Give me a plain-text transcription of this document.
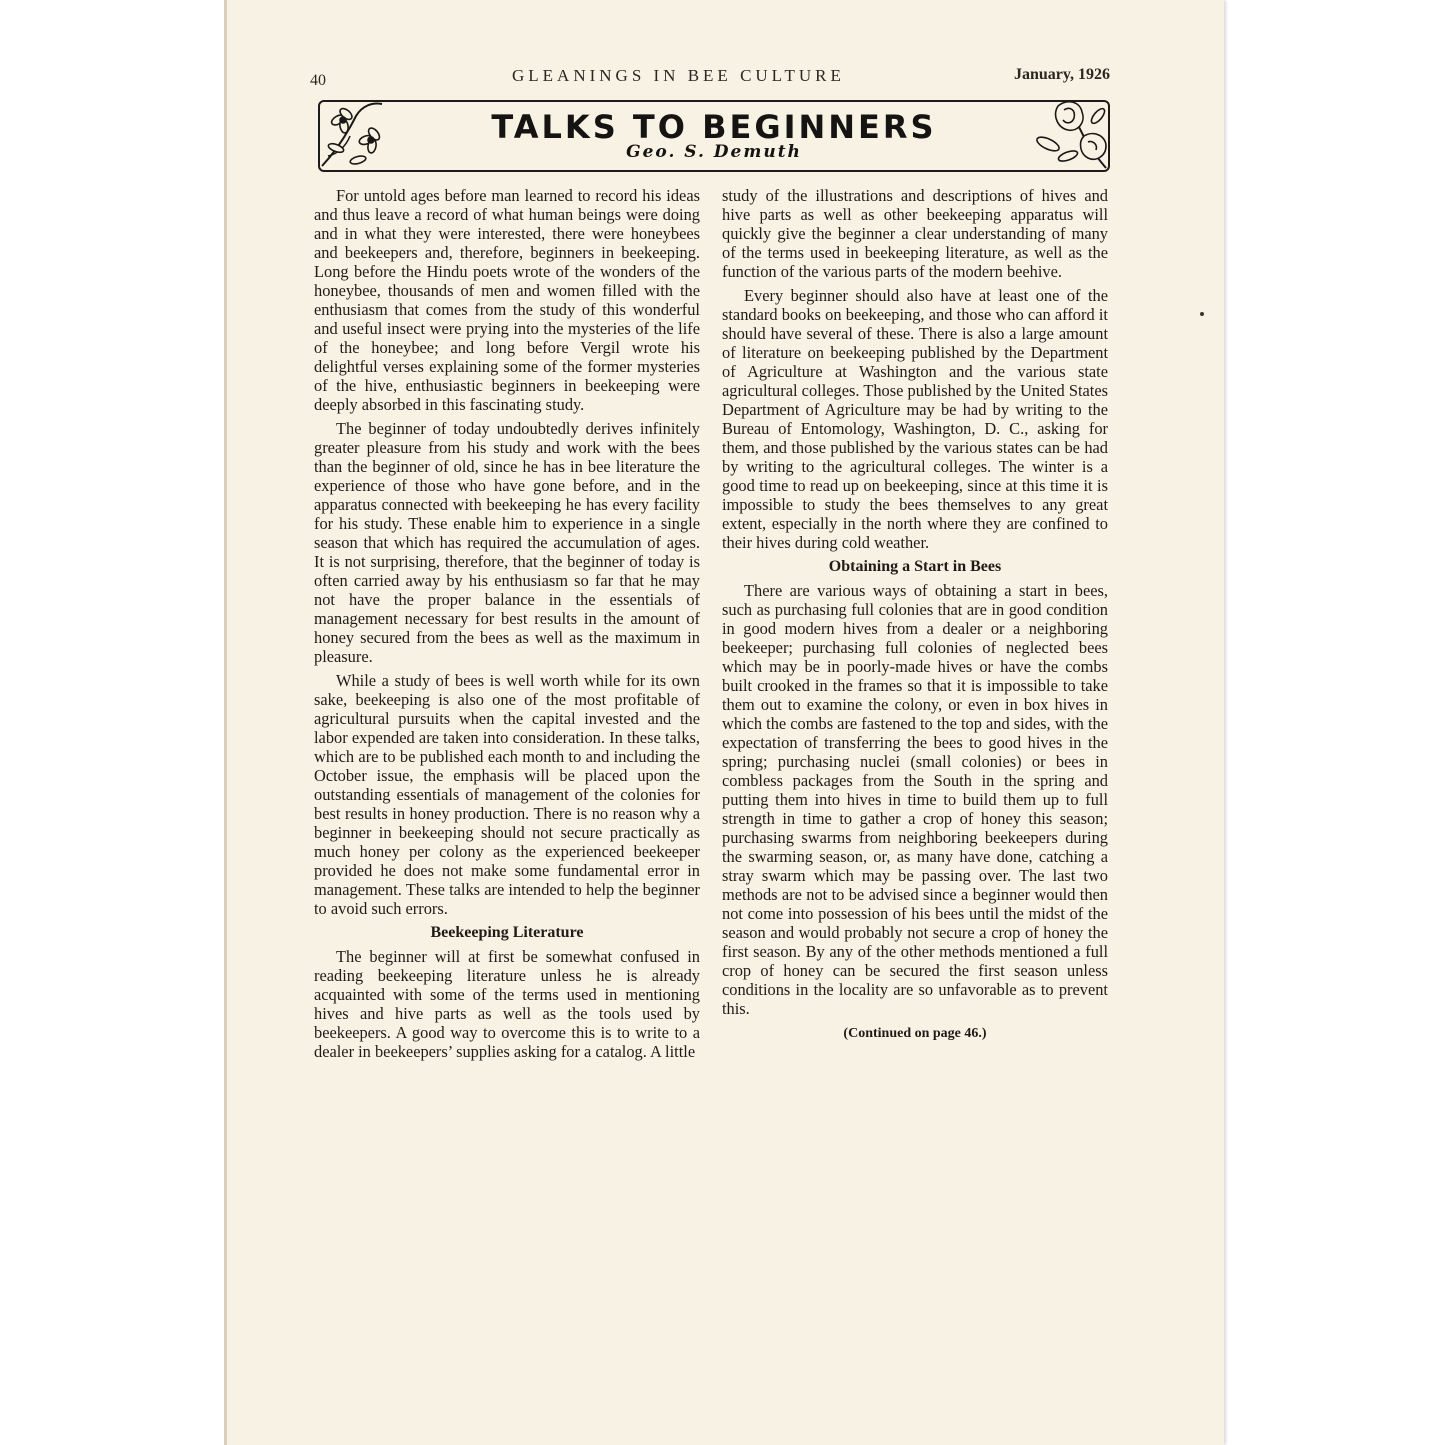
40	GLEANINGS IN BEE CULTURE	January, 1926
TALKS TO BEGINNERS
Geo. S. Demuth

For untold ages before man learned to record his ideas and thus leave a record of what human beings were doing and in what they were interested, there were honeybees and beekeepers and, therefore, beginners in beekeeping. Long before the Hindu poets wrote of the wonders of the honeybee, thousands of men and women filled with the enthusiasm that comes from the study of this wonderful and useful insect were prying into the mysteries of the life of the honeybee; and long before Vergil wrote his delightful verses explaining some of the former mysteries of the hive, enthusiastic beginners in beekeeping were deeply absorbed in this fascinating study.

The beginner of today undoubtedly derives infinitely greater pleasure from his study and work with the bees than the beginner of old, since he has in bee literature the experience of those who have gone before, and in the apparatus connected with beekeeping he has every facility for his study. These enable him to experience in a single season that which has required the accumulation of ages. It is not surprising, therefore, that the beginner of today is often carried away by his enthusiasm so far that he may not have the proper balance in the essentials of management necessary for best results in the amount of honey secured from the bees as well as the maximum in pleasure.

While a study of bees is well worth while for its own sake, beekeeping is also one of the most profitable of agricultural pursuits when the capital invested and the labor expended are taken into consideration. In these talks, which are to be published each month to and including the October issue, the emphasis will be placed upon the outstanding essentials of management of the colonies for best results in honey production. There is no reason why a beginner in beekeeping should not secure practically as much honey per colony as the experienced beekeeper provided he does not make some fundamental error in management. These talks are intended to help the beginner to avoid such errors.

Beekeeping Literature

The beginner will at first be somewhat confused in reading beekeeping literature unless he is already acquainted with some of the terms used in mentioning hives and hive parts as well as the tools used by beekeepers. A good way to overcome this is to write to a dealer in beekeepers’ supplies asking for a catalog. A little

study of the illustrations and descriptions of hives and hive parts as well as other beekeeping apparatus will quickly give the beginner a clear understanding of many of the terms used in beekeeping literature, as well as the function of the various parts of the modern beehive.

Every beginner should also have at least one of the standard books on beekeeping, and those who can afford it should have several of these. There is also a large amount of literature on beekeeping published by the Department of Agriculture at Washington and the various state agricultural colleges. Those published by the United States Department of Agriculture may be had by writing to the Bureau of Entomology, Washington, D. C., asking for them, and those published by the various states can be had by writing to the agricultural colleges. The winter is a good time to read up on beekeeping, since at this time it is impossible to study the bees themselves to any great extent, especially in the north where they are confined to their hives during cold weather.

Obtaining a Start in Bees

There are various ways of obtaining a start in bees, such as purchasing full colonies that are in good condition in good modern hives from a dealer or a neighboring beekeeper; purchasing full colonies of neglected bees which may be in poorly-made hives or have the combs built crooked in the frames so that it is impossible to take them out to examine the colony, or even in box hives in which the combs are fastened to the top and sides, with the expectation of transferring the bees to good hives in the spring; purchasing nuclei (small colonies) or bees in combless packages from the South in the spring and putting them into hives in time to build them up to full strength in time to gather a crop of honey this season; purchasing swarms from neighboring beekeepers during the swarming season, or, as many have done, catching a stray swarm which may be passing over. The last two methods are not to be advised since a beginner would then not come into possession of his bees until the midst of the season and would probably not secure a crop of honey the first season. By any of the other methods mentioned a full crop of honey can be secured the first season unless conditions in the locality are so unfavorable as to prevent this.

(Continued on page 46.)
